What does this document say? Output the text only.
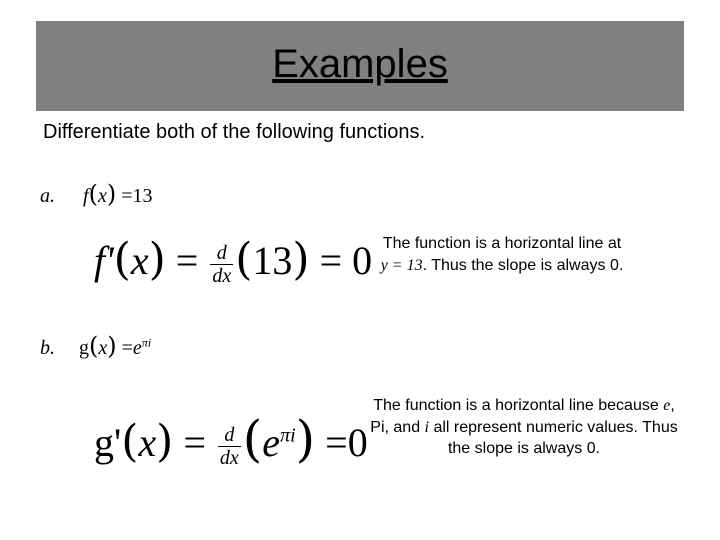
Examples
Differentiate both of the following functions.
a. f(x) =13
$f'(x) = \frac{d}{dx} (13) = 0$ The function is a horizontal line at
y = 13. Thus the slope is always 0.
b. $g(x) =e^{\pi i}$
$g'(x) = \frac{d}{dx} (e^{\pi i}) =0$
The function is a horizontal line because e,
Pi, and i all represent numeric values. Thus
the slope is always 0.
